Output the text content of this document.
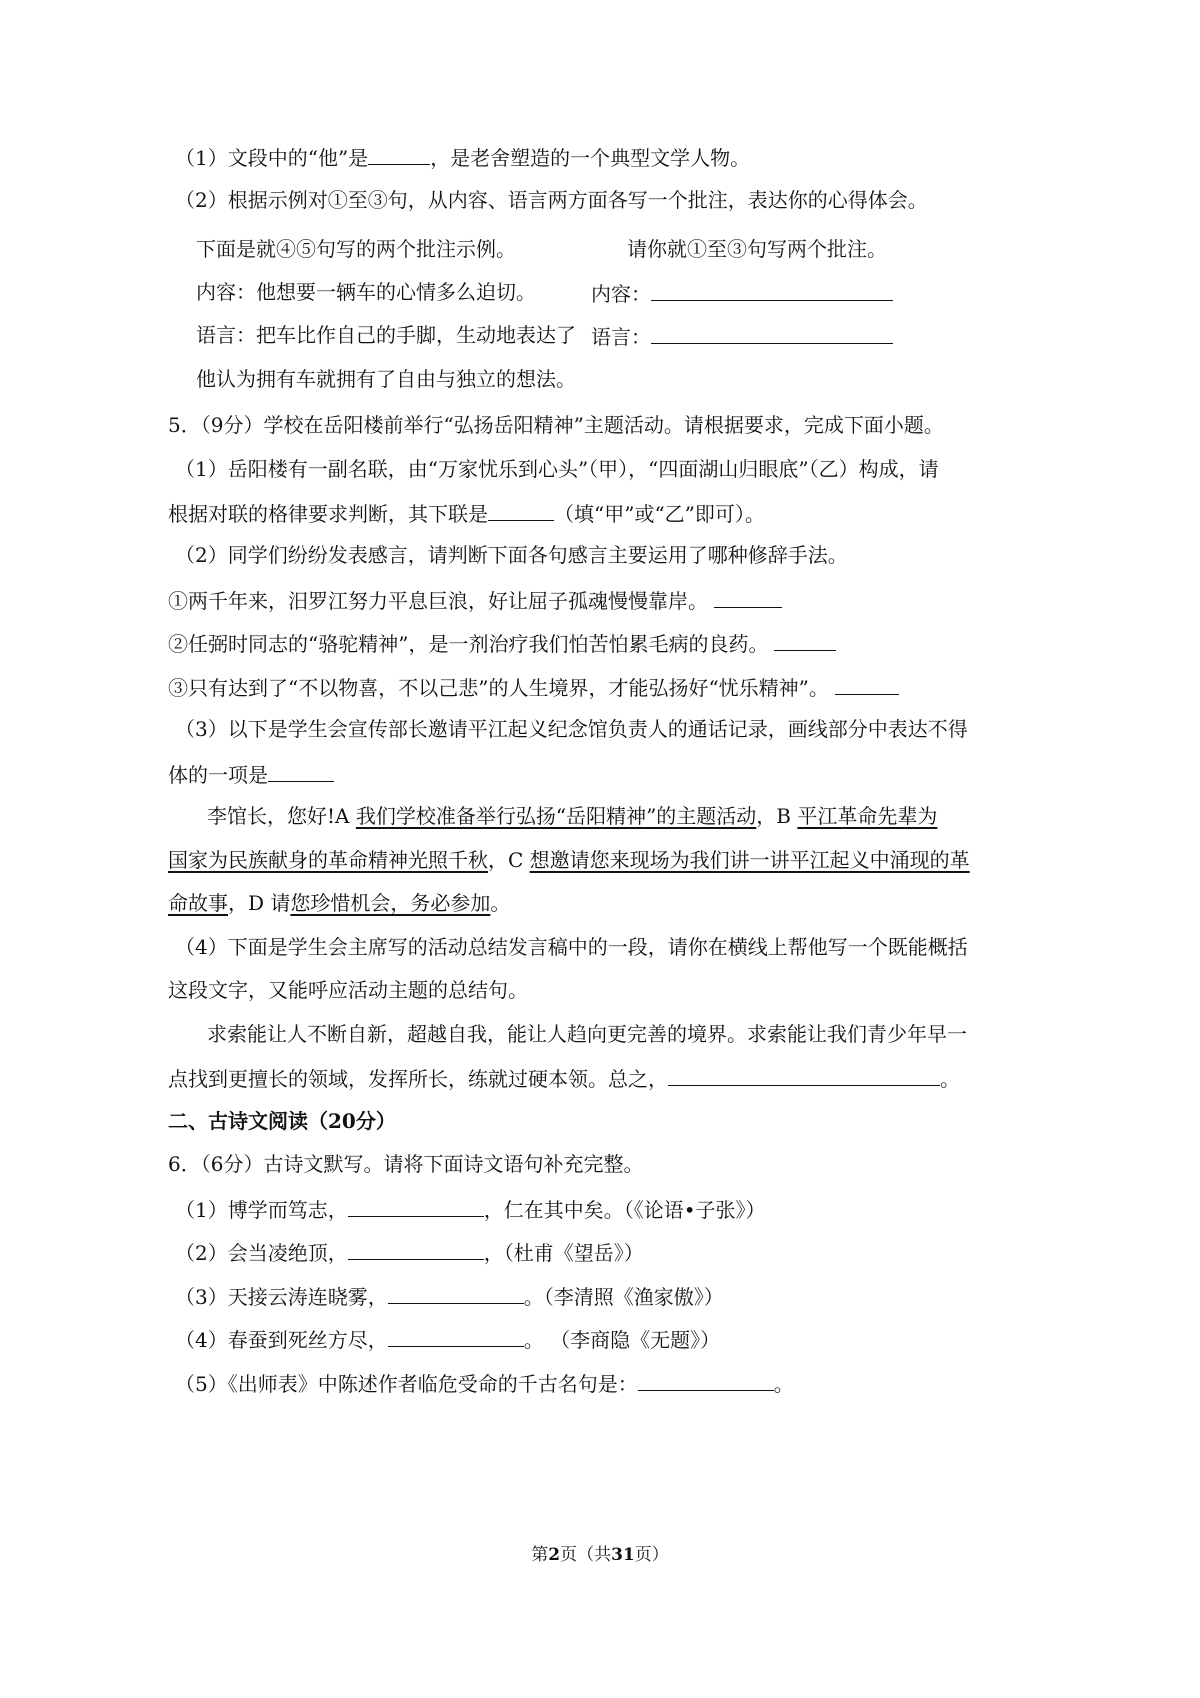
（1）文段中的“他”是	，是老舍塑造的一个典型文学人物。
（2）根据示例对①至③句，从内容、语言两方面各写一个批注，表达你的心得体会。
下面是就④⑤句写的两个批注示例。	请你就①至③句写两个批注。
内容：他想要一辆车的心情多么迫切。	内容：
语言：把车比作自己的手脚，生动地表达了 语言：
他认为拥有车就拥有了自由与独立的想法。
5．（9分）学校在岳阳楼前举行“弘扬岳阳精神”主题活动。请根据要求，完成下面小题。
（1）岳阳楼有一副名联，由“万家忧乐到心头”（甲），“四面湖山归眼底”（乙）构成，请
根据对联的格律要求判断，其下联是	（填“甲”或“乙”即可）。
（2）同学们纷纷发表感言，请判断下面各句感言主要运用了哪种修辞手法。
①两千年来，汨罗江努力平息巨浪，好让屈子孤魂慢慢靠岸。
②任弼时同志的“骆驼精神”，是一剂治疗我们怕苦怕累毛病的良药。
③只有达到了“不以物喜，不以己悲”的人生境界，才能弘扬好“忧乐精神”。
（3）以下是学生会宣传部长邀请平江起义纪念馆负责人的通话记录，画线部分中表达不得
体的一项是
李馆长，您好!A 我们学校准备举行弘扬“岳阳精神”的主题活动，B 平江革命先辈为
国家为民族献身的革命精神光照千秋，C 想邀请您来现场为我们讲一讲平江起义中涌现的革
命故事，D 请您珍惜机会，务必参加。
（4）下面是学生会主席写的活动总结发言稿中的一段，请你在横线上帮他写一个既能概括
这段文字，又能呼应活动主题的总结句。
求索能让人不断自新，超越自我，能让人趋向更完善的境界。求索能让我们青少年早一
点找到更擅长的领域，发挥所长，练就过硬本领。总之，	。
二、古诗文阅读（20分）
6．（6分）古诗文默写。请将下面诗文语句补充完整。
（1）博学而笃志，	，仁在其中矣。（《论语•子张》）
（2）会当凌绝顶，	，（杜甫《望岳》）
（3）天接云涛连晓雾，	。（李清照《渔家傲》）
（4）春蚕到死丝方尽，	。 （李商隐《无题》）
（5）《出师表》中陈述作者临危受命的千古名句是：	。
第2页（共31页）
